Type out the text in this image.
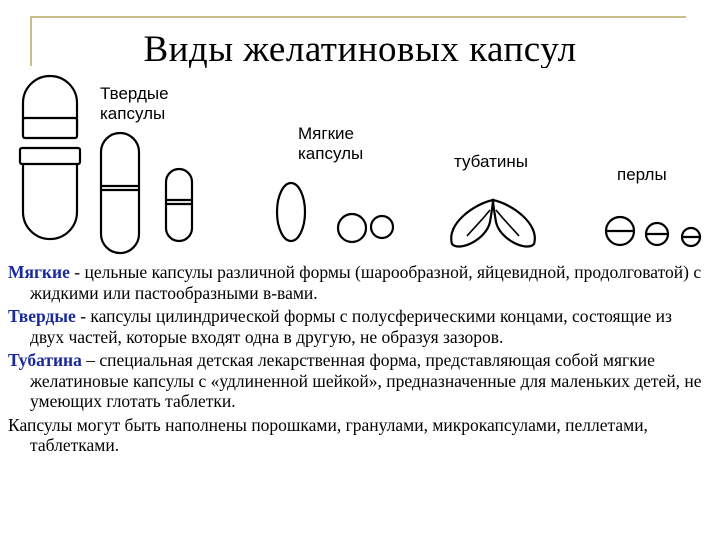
Виды желатиновых капсул
Твердые капсулы
Мягкие капсулы	тубатины
перлы

Мягкие - цельные капсулы различной формы (шарообразной, яйцевидной, продолговатой) с жидкими или пастообразными в-вами.

Твердые - капсулы цилиндрической формы с полусферическими концами, состоящие из двух частей, которые входят одна в другую, не образуя зазоров.

Тубатина – специальная детская лекарственная форма, представляющая собой мягкие желатиновые капсулы с «удлиненной шейкой», предназначенные для маленьких детей, не умеющих глотать таблетки.

Капсулы могут быть наполнены порошками, гранулами, микрокапсулами, пеллетами, таблетками.
